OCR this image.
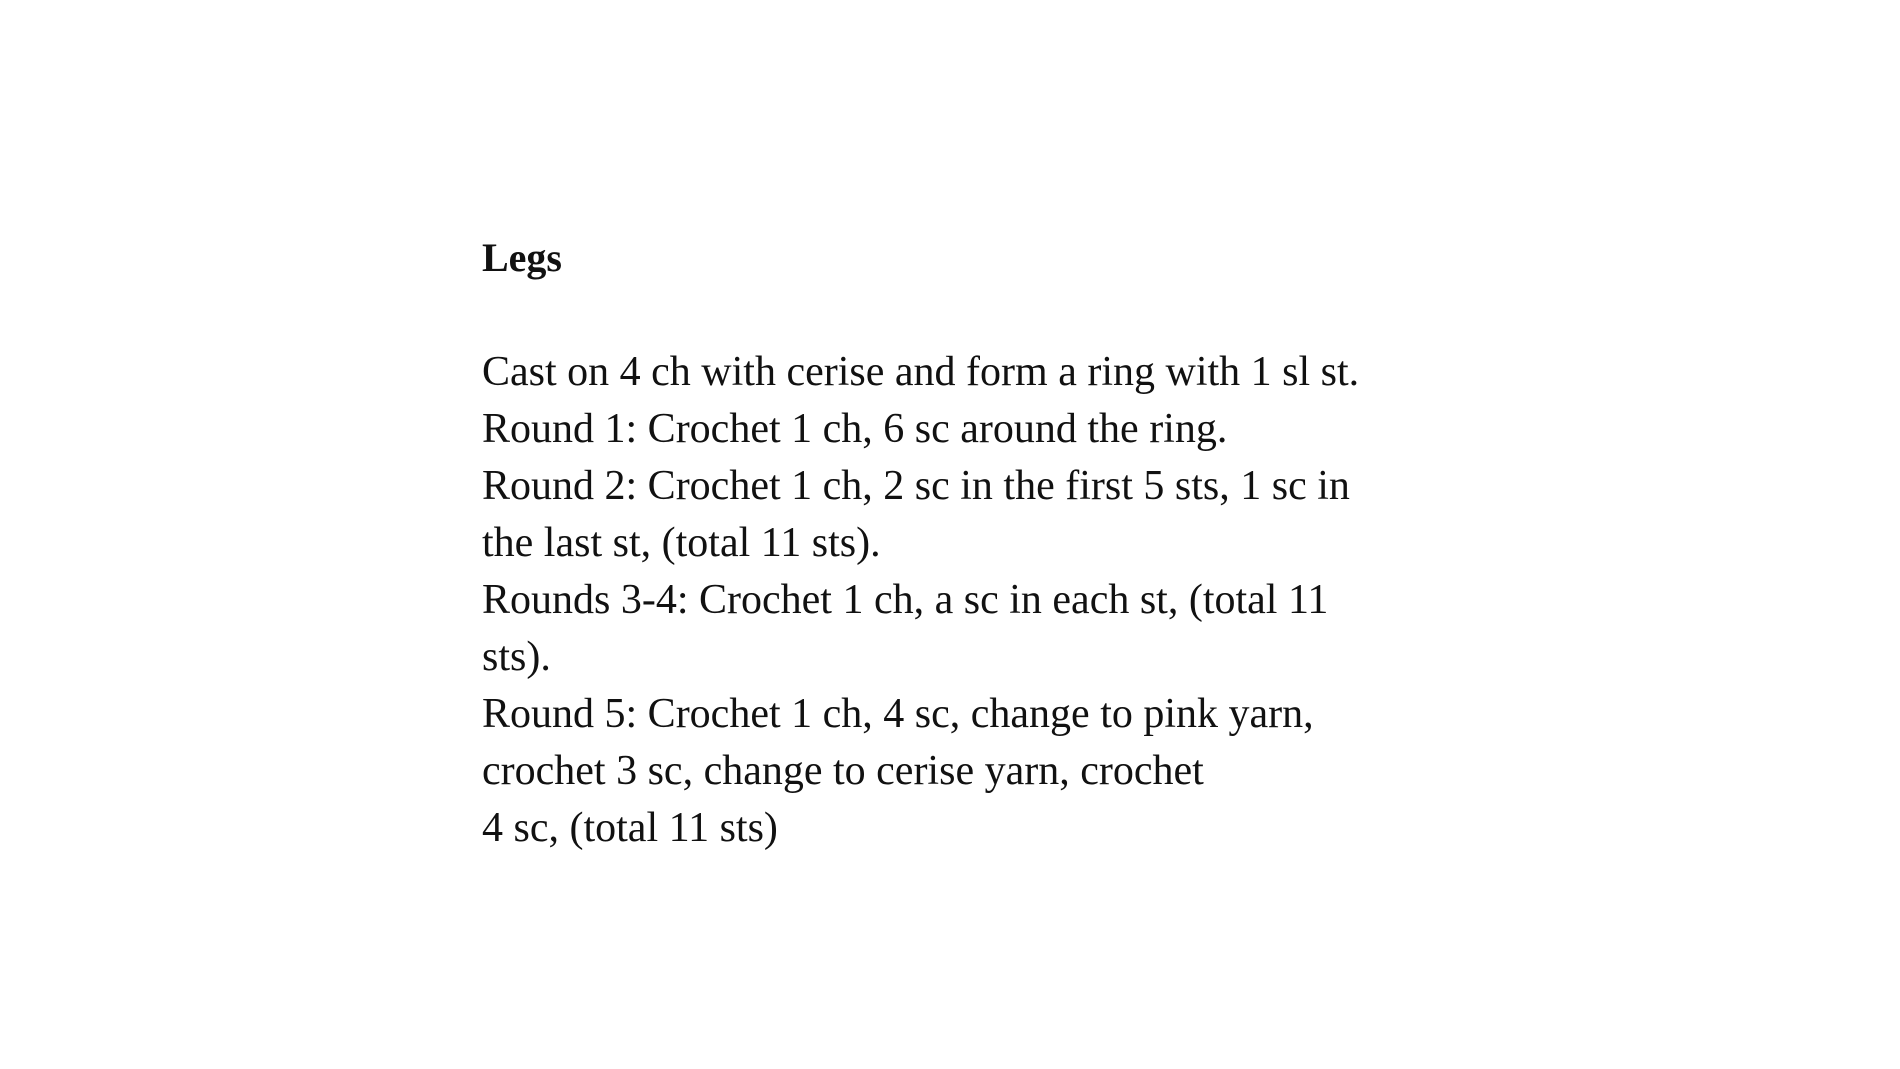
Legs

Cast on 4 ch with cerise and form a ring with 1 sl st.
Round 1: Crochet 1 ch, 6 sc around the ring.
Round 2: Crochet 1 ch, 2 sc in the first 5 sts, 1 sc in
the last st, (total 11 sts).
Rounds 3-4: Crochet 1 ch, a sc in each st, (total 11
sts).
Round 5: Crochet 1 ch, 4 sc, change to pink yarn,
crochet 3 sc, change to cerise yarn, crochet
4 sc, (total 11 sts)
